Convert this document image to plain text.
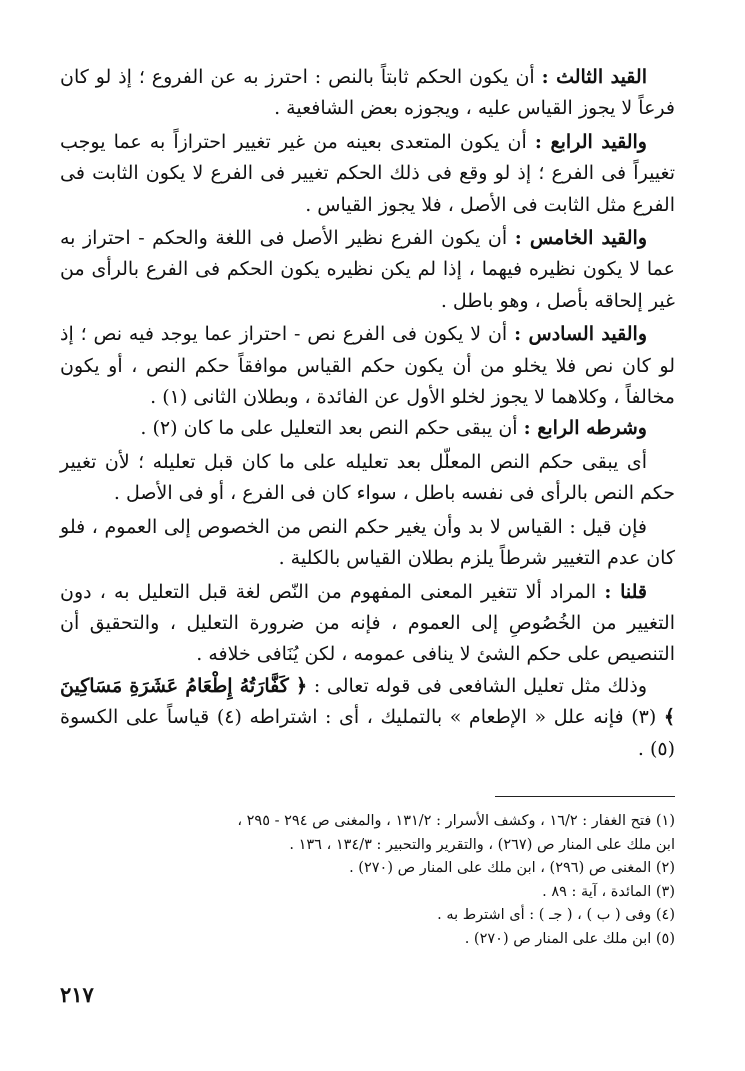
القيد الثالث : أن يكون الحكم ثابتاً بالنص : احترز به عن الفروع ؛ إذ لو كان فرعاً لا يجوز القياس عليه ، ويجوزه بعض الشافعية .

والقيد الرابع : أن يكون المتعدى بعينه من غير تغيير احترازاً به عما يوجب تغييراً فى الفرع ؛ إذ لو وقع فى ذلك الحكم تغيير فى الفرع لا يكون الثابت فى الفرع مثل الثابت فى الأصل ، فلا يجوز القياس .

والقيد الخامس : أن يكون الفرع نظير الأصل فى اللغة والحكم - احتراز به عما لا يكون نظيره فيهما ، إذا لم يكن نظيره يكون الحكم فى الفرع بالرأى من غير إلحاقه بأصل ، وهو باطل .

والقيد السادس : أن لا يكون فى الفرع نص - احتراز عما يوجد فيه نص ؛ إذ لو كان نص فلا يخلو من أن يكون حكم القياس موافقاً حكم النص ، أو يكون مخالفاً ، وكلاهما لا يجوز لخلو الأول عن الفائدة ، وبطلان الثانى (١) .

وشرطه الرابع : أن يبقى حكم النص بعد التعليل على ما كان (٢) .

أى يبقى حكم النص المعلّل بعد تعليله على ما كان قبل تعليله ؛ لأن تغيير حكم النص بالرأى فى نفسه باطل ، سواء كان فى الفرع ، أو فى الأصل .

فإن قيل : القياس لا بد وأن يغير حكم النص من الخصوص إلى العموم ، فلو كان عدم التغيير شرطاً يلزم بطلان القياس بالكلية .

قلنا : المراد ألا تتغير المعنى المفهوم من النّص لغة قبل التعليل به ، دون التغيير من الخُصُوصِ إلى العموم ، فإنه من ضرورة التعليل ، والتحقيق أن التنصيص على حكم الشئ لا ينافى عمومه ، لكن يُنَافى خلافه .

وذلك مثل تعليل الشافعى فى قوله تعالى : ﴿ كَفَّارَتُهُ إِطْعَامُ عَشَرَةِ مَسَاكِينَ ﴾ (٣) فإنه علل « الإطعام » بالتمليك ، أى : اشتراطه (٤) قياساً على الكسوة (٥) .

(١) فتح الغفار : ١٦/٢ ، وكشف الأسرار : ١٣١/٢ ، والمغنى ص ٢٩٤ - ٢٩٥ ،

ابن ملك على المنار ص (٢٦٧) ، والتقرير والتحبير : ١٣٤/٣ ، ١٣٦ .

(٢) المغنى ص (٢٩٦) ، ابن ملك على المنار ص (٢٧٠) .

(٣) المائدة ، آية : ٨٩ .

(٤) وفى ( ب ) ، ( جـ ) : أى اشترط به .

(٥) ابن ملك على المنار ص (٢٧٠) .

٢١٧
